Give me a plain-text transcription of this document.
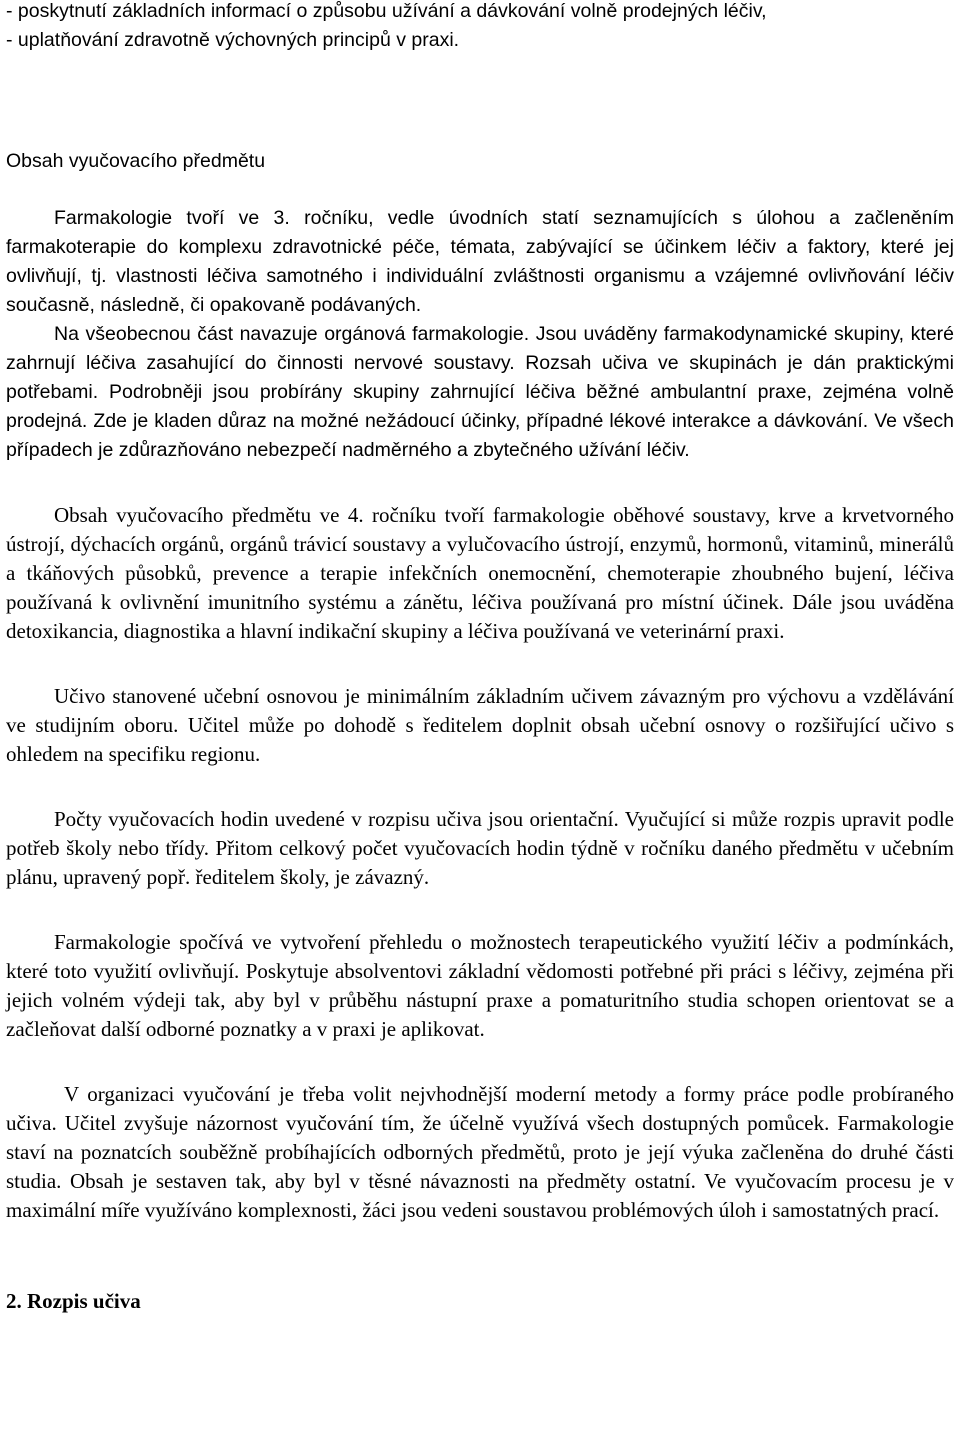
- poskytnutí základních informací o způsobu užívání a dávkování volně prodejných léčiv,
- uplatňování zdravotně výchovných principů v praxi.
Obsah vyučovacího předmětu

Farmakologie tvoří ve 3. ročníku, vedle úvodních statí seznamujících s úlohou a začleněním farmakoterapie do komplexu zdravotnické péče, témata, zabývající se účinkem léčiv a faktory, které jej ovlivňují, tj. vlastnosti léčiva samotného i individuální zvláštnosti organismu a vzájemné ovlivňování léčiv současně, následně, či opakovaně podávaných.

Na všeobecnou část navazuje orgánová farmakologie. Jsou uváděny farmakodynamické skupiny, které zahrnují léčiva zasahující do činnosti nervové soustavy. Rozsah učiva ve skupinách je dán praktickými potřebami. Podrobněji jsou probírány skupiny zahrnující léčiva běžné ambulantní praxe, zejména volně prodejná. Zde je kladen důraz na možné nežádoucí účinky, případné lékové interakce a dávkování. Ve všech případech je zdůrazňováno nebezpečí nadměrného a zbytečného užívání léčiv.

Obsah vyučovacího předmětu ve 4. ročníku tvoří farmakologie oběhové soustavy, krve a krvetvorného ústrojí, dýchacích orgánů, orgánů trávicí soustavy a vylučovacího ústrojí, enzymů, hormonů, vitaminů, minerálů a tkáňových působků, prevence a terapie infekčních onemocnění, chemoterapie zhoubného bujení, léčiva používaná k ovlivnění imunitního systému a zánětu, léčiva používaná pro místní účinek. Dále jsou uváděna detoxikancia, diagnostika a hlavní indikační skupiny a léčiva používaná ve veterinární praxi.

Učivo stanovené učební osnovou je minimálním základním učivem závazným pro výchovu a vzdělávání ve studijním oboru. Učitel může po dohodě s ředitelem doplnit obsah učební osnovy o rozšiřující učivo s ohledem na specifiku regionu.

Počty vyučovacích hodin uvedené v rozpisu učiva jsou orientační. Vyučující si může rozpis upravit podle potřeb školy nebo třídy. Přitom celkový počet vyučovacích hodin týdně v ročníku daného předmětu v učebním plánu, upravený popř. ředitelem školy, je závazný.

Farmakologie spočívá ve vytvoření přehledu o možnostech terapeutického využití léčiv a podmínkách, které toto využití ovlivňují. Poskytuje absolventovi základní vědomosti potřebné při práci s léčivy, zejména při jejich volném výdeji tak, aby byl v průběhu nástupní praxe a pomaturitního studia schopen orientovat se a začleňovat další odborné poznatky a v praxi je aplikovat.

V organizaci vyučování je třeba volit nejvhodnější moderní metody a formy práce podle probíraného učiva. Učitel zvyšuje názornost vyučování tím, že účelně využívá všech dostupných pomůcek. Farmakologie staví na poznatcích souběžně probíhajících odborných předmětů, proto je její výuka začleněna do druhé části studia. Obsah je sestaven tak, aby byl v těsné návaznosti na předměty ostatní. Ve vyučovacím procesu je v maximální míře využíváno komplexnosti, žáci jsou vedeni soustavou problémových úloh i samostatných prací.

2. Rozpis učiva
